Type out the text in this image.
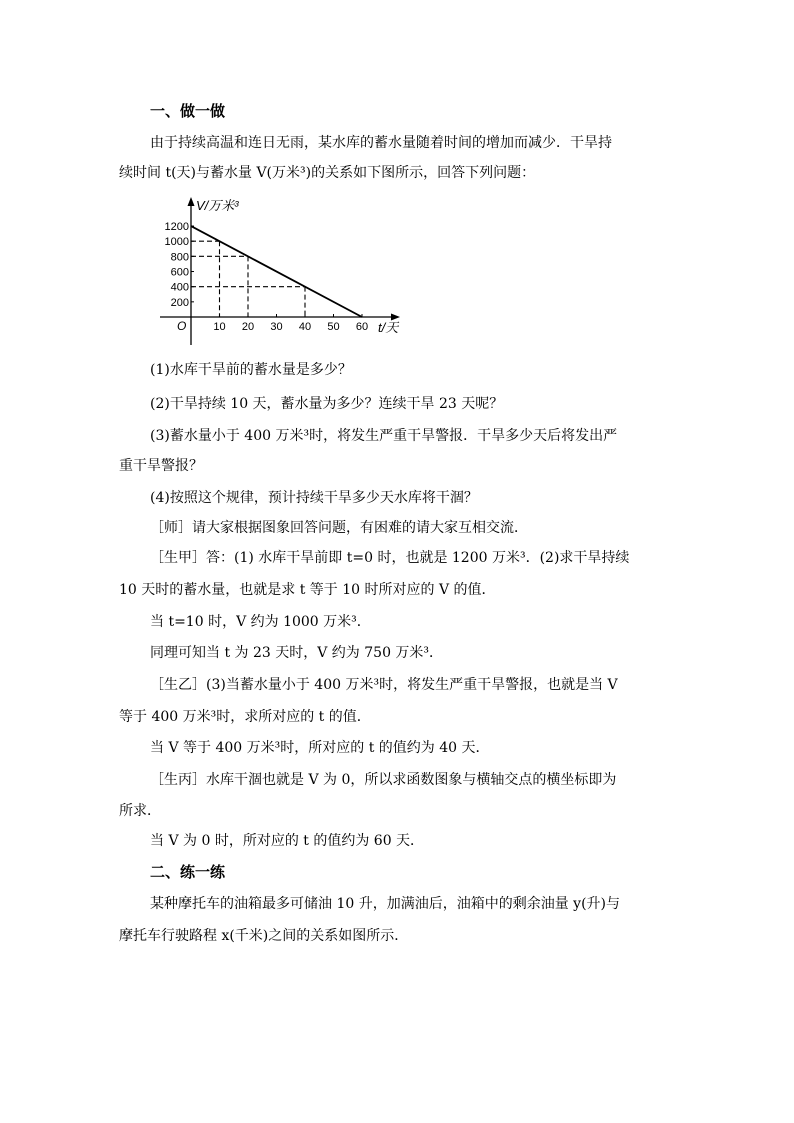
一、做一做
由于持续高温和连日无雨，某水库的蓄水量随着时间的增加而减少．干旱持
续时间 t(天)与蓄水量 V(万米³)的关系如下图所示，回答下列问题：
V/万米³
t/天
O 10 20 30 40 50 60
200
400
600
800
1000
1200
(1)水库干旱前的蓄水量是多少？
(2)干旱持续 10 天，蓄水量为多少？连续干旱 23 天呢？
(3)蓄水量小于 400 万米³时，将发生严重干旱警报．干旱多少天后将发出严
重干旱警报？
(4)按照这个规律，预计持续干旱多少天水库将干涸？
［师］请大家根据图象回答问题，有困难的请大家互相交流．
［生甲］答：(1) 水库干旱前即 t=0 时，也就是 1200 万米³．(2)求干旱持续
10 天时的蓄水量，也就是求 t 等于 10 时所对应的 V 的值．
当 t=10 时，V 约为 1000 万米³．
同理可知当 t 为 23 天时，V 约为 750 万米³．
［生乙］(3)当蓄水量小于 400 万米³时，将发生严重干旱警报，也就是当 V
等于 400 万米³时，求所对应的 t 的值．
当 V 等于 400 万米³时，所对应的 t 的值约为 40 天．
［生丙］水库干涸也就是 V 为 0，所以求函数图象与横轴交点的横坐标即为
所求．
当 V 为 0 时，所对应的 t 的值约为 60 天．
二、练一练
某种摩托车的油箱最多可储油 10 升，加满油后，油箱中的剩余油量 y(升)与
摩托车行驶路程 x(千米)之间的关系如图所示．
